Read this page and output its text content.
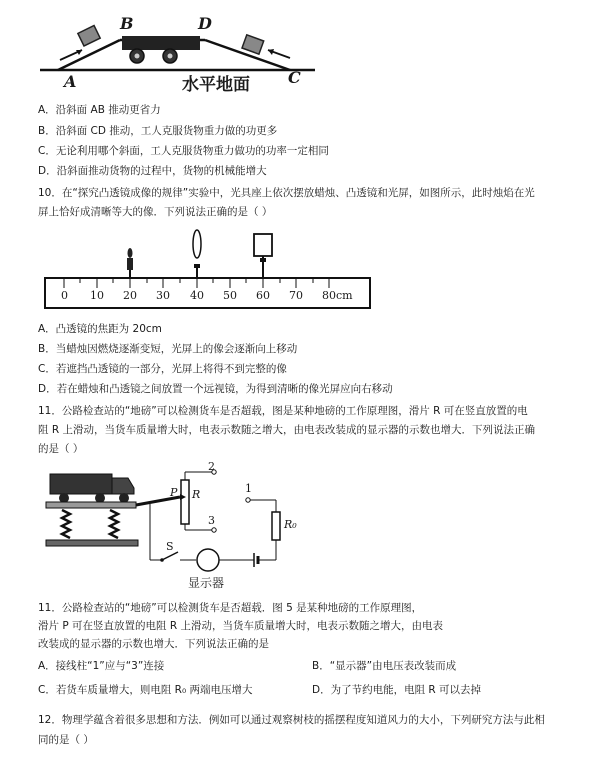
A
B	D
C
水平地面
A．沿斜面 AB 推动更省力
B．沿斜面 CD 推动，工人克服货物重力做的功更多
C．无论利用哪个斜面，工人克服货物重力做功的功率一定相同
D．沿斜面推动货物的过程中，货物的机械能增大
10．在“探究凸透镜成像的规律”实验中，光具座上依次摆放蜡烛、凸透镜和光屏，如图所示，此时烛焰在光
屏上恰好成清晰等大的像．下列说法正确的是（ ）
0 10 20 30 40 50 60 70 80cm
A．凸透镜的焦距为 20cm
B．当蜡烛因燃烧逐渐变短，光屏上的像会逐渐向上移动
C．若遮挡凸透镜的一部分，光屏上将得不到完整的像
D．若在蜡烛和凸透镜之间放置一个远视镜，为得到清晰的像光屏应向右移动
11．公路检查站的“地磅”可以检测货车是否超载，图是某种地磅的工作原理图，滑片 R 可在竖直放置的电
阻 R 上滑动，当货车质量增大时，电表示数随之增大，由电表改装成的显示器的示数也增大．下列说法正确
的是（ ）
P R
2
3
1
S
R₀
显示器
11．公路检查站的“地磅”可以检测货车是否超载．图 5 是某种地磅的工作原理图，
滑片 P 可在竖直放置的电阻 R 上滑动，当货车质量增大时，电表示数随之增大，由电表
改装成的显示器的示数也增大．下列说法正确的是
A．接线柱“1”应与“3”连接	B．“显示器”由电压表改装而成
C．若货车质量增大，则电阻 R₀ 两端电压增大	D．为了节约电能，电阻 R 可以去掉
12．物理学蕴含着很多思想和方法．例如可以通过观察树枝的摇摆程度知道风力的大小，下列研究方法与此相
同的是（ ）
